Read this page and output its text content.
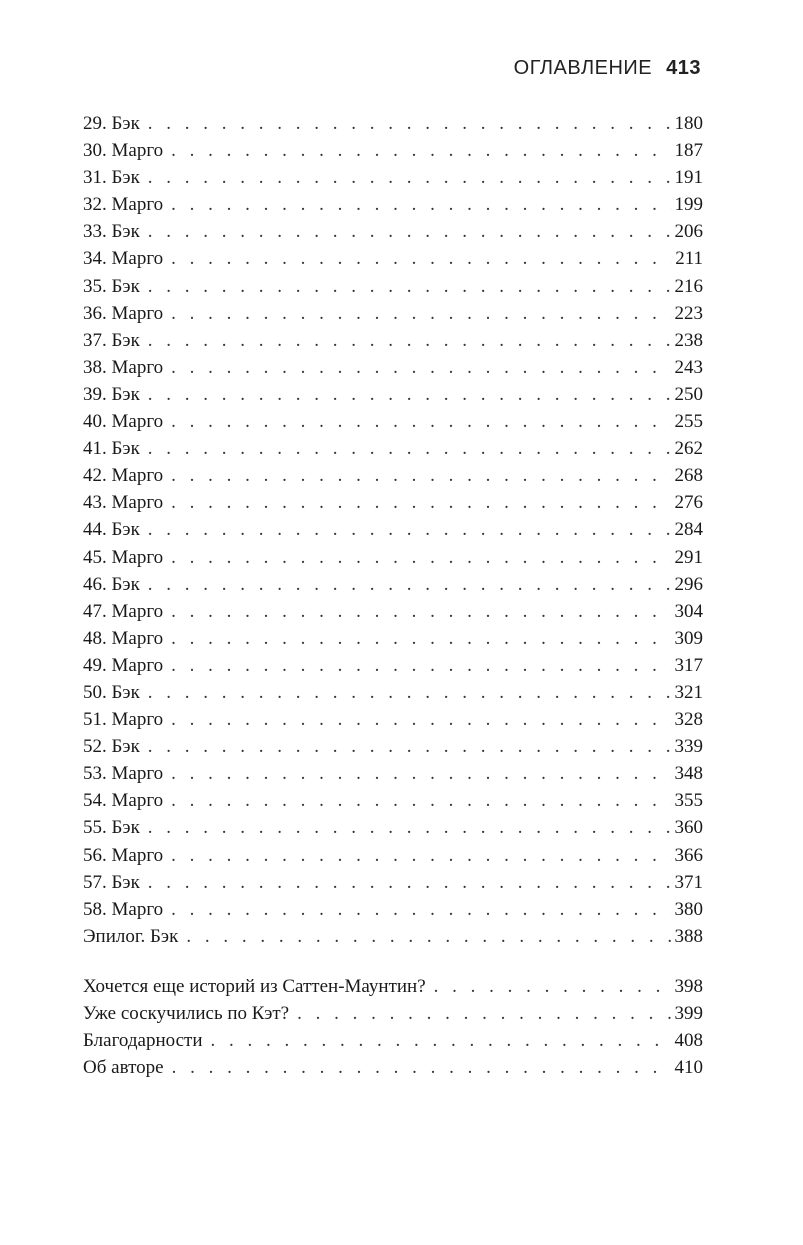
ОГЛАВЛЕНИЕ 413
29. Бэк . . .	180
30. Марго . . .	187
31. Бэк . . .	191
32. Марго . . .	199
33. Бэк . . .	206
34. Марго . . .	211
35. Бэк . . .	216
36. Марго . . .	223
37. Бэк . . .	238
38. Марго . . .	243
39. Бэк . . .	250
40. Марго . . .	255
41. Бэк . . .	262
42. Марго . . .	268
43. Марго . . .	276
44. Бэк . . .	284
45. Марго . . .	291
46. Бэк . . .	296
47. Марго . . .	304
48. Марго . . .	309
49. Марго . . .	317
50. Бэк . . .	321
51. Марго . . .	328
52. Бэк . . .	339
53. Марго . . .	348
54. Марго . . .	355
55. Бэк . . .	360
56. Марго . . .	366
57. Бэк . . .	371
58. Марго . . .	380
Эпилог. Бэк . . .	388
Хочется еще историй из Саттен-Маунтин? . . .	398
Уже соскучились по Кэт? . . .	399
Благодарности . . .	408
Об авторе . . .	410
